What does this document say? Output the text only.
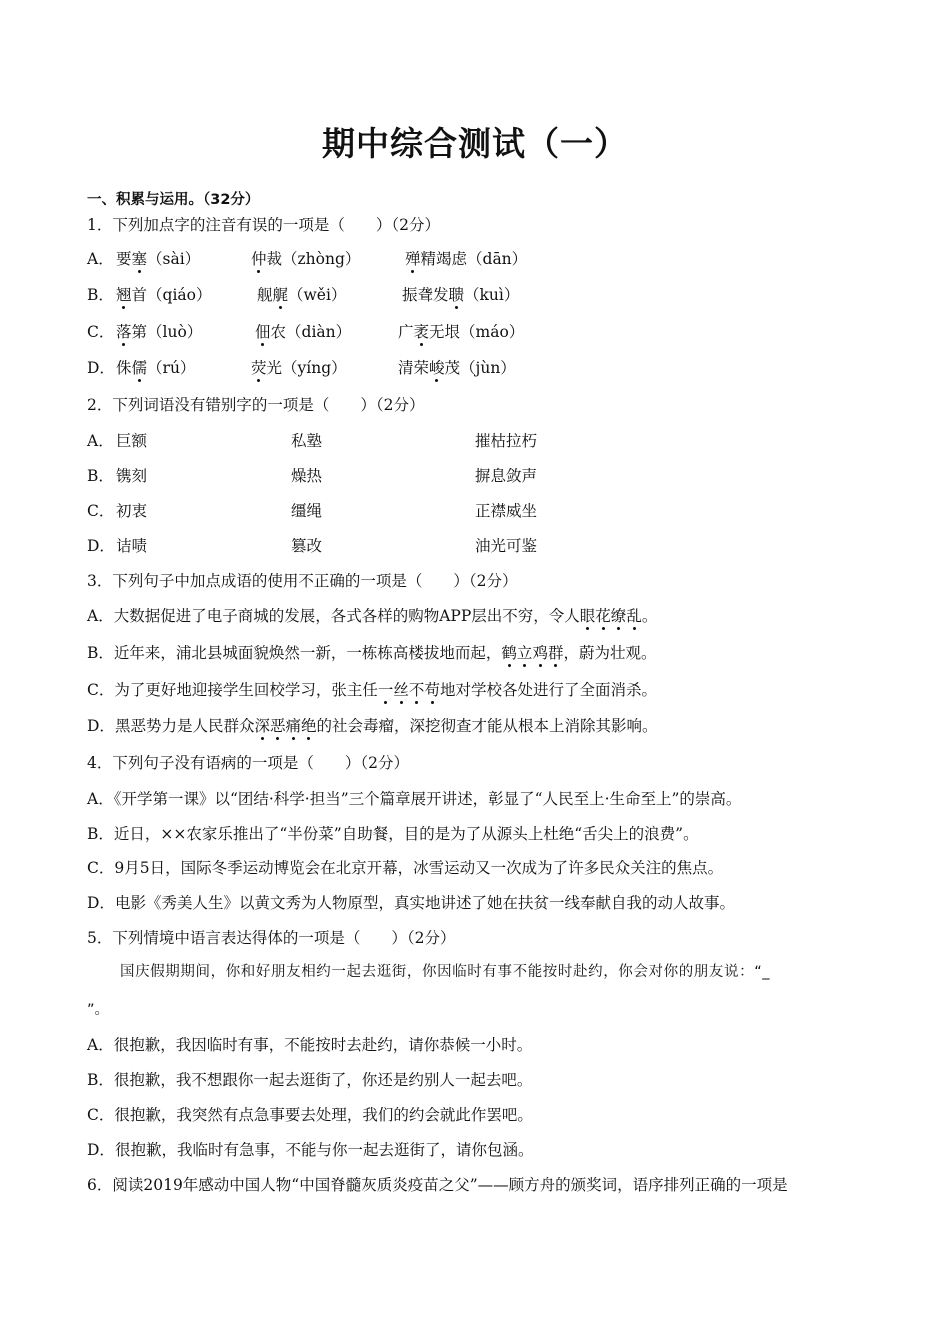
期中综合测试（一）
一、积累与运用。（32分）
1．下列加点字的注音有误的一项是（　　）（2分）
A． 要塞（sài）	仲裁（zhòng）	殚精竭虑（dān）
B． 翘首（qiáo）	舰艉（wěi）	振聋发聩（kuì）
C． 落第（luò）	佃农（diàn）	广袤无垠（máo）
D． 侏儒（rú）	荧光（yíng）	清荣峻茂（jùn）
2．下列词语没有错别字的一项是（　　）（2分）
A． 巨额	私塾	摧枯拉朽
B． 镌刻	燥热	摒息敛声
C． 初衷	缰绳	正襟威坐
D． 诘啧	篡改	油光可鉴
3．下列句子中加点成语的使用不正确的一项是（　　）（2分）
A．大数据促进了电子商城的发展，各式各样的购物APP层出不穷，令人眼花缭乱。
B．近年来，浦北县城面貌焕然一新，一栋栋高楼拔地而起，鹤立鸡群，蔚为壮观。
C．为了更好地迎接学生回校学习，张主任一丝不苟地对学校各处进行了全面消杀。
D．黑恶势力是人民群众深恶痛绝的社会毒瘤，深挖彻查才能从根本上消除其影响。
4．下列句子没有语病的一项是（　　）（2分）
A．《开学第一课》以“团结·科学·担当”三个篇章展开讲述，彰显了“人民至上·生命至上”的崇高。
B．近日，××农家乐推出了“半份菜”自助餐，目的是为了从源头上杜绝“舌尖上的浪费”。
C．9月5日，国际冬季运动博览会在北京开幕，冰雪运动又一次成为了许多民众关注的焦点。
D．电影《秀美人生》以黄文秀为人物原型，真实地讲述了她在扶贫一线奉献自我的动人故事。
5．下列情境中语言表达得体的一项是（　　）（2分）
国庆假期期间，你和好朋友相约一起去逛街，你因临时有事不能按时赴约，你会对你的朋友说：“_
”。
A．很抱歉，我因临时有事，不能按时去赴约，请你恭候一小时。
B．很抱歉，我不想跟你一起去逛街了，你还是约别人一起去吧。
C．很抱歉，我突然有点急事要去处理，我们的约会就此作罢吧。
D．很抱歉，我临时有急事，不能与你一起去逛街了，请你包涵。
6．阅读2019年感动中国人物“中国脊髓灰质炎疫苗之父”——顾方舟的颁奖词，语序排列正确的一项是
